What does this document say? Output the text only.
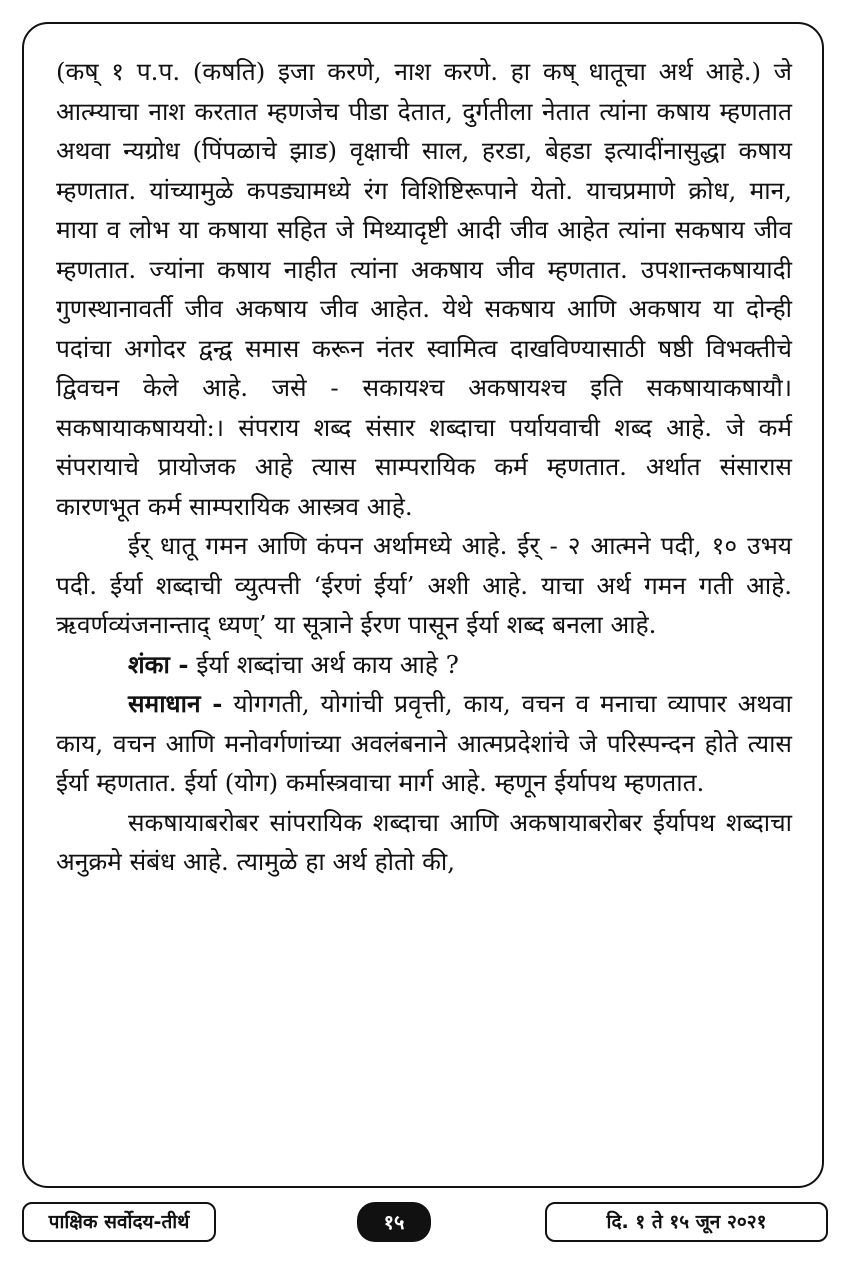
(कष् १ प.प. (कषति) इजा करणे, नाश करणे. हा कष् धातूचा अर्थ आहे.) जे आत्म्याचा नाश करतात म्हणजेच पीडा देतात, दुर्गतीला नेतात त्यांना कषाय म्हणतात अथवा न्यग्रोध (पिंपळाचे झाड) वृक्षाची साल, हरडा, बेहडा इत्यादींनासुद्धा कषाय म्हणतात. यांच्यामुळे कपड्यामध्ये रंग विशिष्टिरूपाने येतो. याचप्रमाणे क्रोध, मान, माया व लोभ या कषाया सहित जे मिथ्यादृष्टी आदी जीव आहेत त्यांना सकषाय जीव म्हणतात. ज्यांना कषाय नाहीत त्यांना अकषाय जीव म्हणतात. उपशान्तकषायादी गुणस्थानावर्ती जीव अकषाय जीव आहेत. येथे सकषाय आणि अकषाय या दोन्ही पदांचा अगोदर द्वन्द्व समास करून नंतर स्वामित्व दाखविण्यासाठी षष्ठी विभक्तीचे द्विवचन केले आहे. जसे - सकायश्च अकषायश्च इति सकषायाकषायौ। सकषायाकषाययो:। संपराय शब्द संसार शब्दाचा पर्यायवाची शब्द आहे. जे कर्म संपरायाचे प्रायोजक आहे त्यास साम्परायिक कर्म म्हणतात. अर्थात संसारास कारणभूत कर्म साम्परायिक आस्त्रव आहे.

ईर् धातू गमन आणि कंपन अर्थामध्ये आहे. ईर् - २ आत्मने पदी, १० उभय पदी. ईर्या शब्दाची व्युत्पत्ती ‘ईरणं ईर्या’ अशी आहे. याचा अर्थ गमन गती आहे. ऋवर्णव्यंजनान्ताद् ध्यण्’ या सूत्राने ईरण पासून ईर्या शब्द बनला आहे.

शंका - ईर्या शब्दांचा अर्थ काय आहे ?

समाधान - योगगती, योगांची प्रवृत्ती, काय, वचन व मनाचा व्यापार अथवा काय, वचन आणि मनोवर्गणांच्या अवलंबनाने आत्मप्रदेशांचे जे परिस्पन्दन होते त्यास ईर्या म्हणतात. ईर्या (योग) कर्मास्त्रवाचा मार्ग आहे. म्हणून ईर्यापथ म्हणतात.

सकषायाबरोबर सांपरायिक शब्दाचा आणि अकषायाबरोबर ईर्यापथ शब्दाचा अनुक्रमे संबंध आहे. त्यामुळे हा अर्थ होतो की,

पाक्षिक सर्वोदय-तीर्थ	१५	दि. १ ते १५ जून २०२१
